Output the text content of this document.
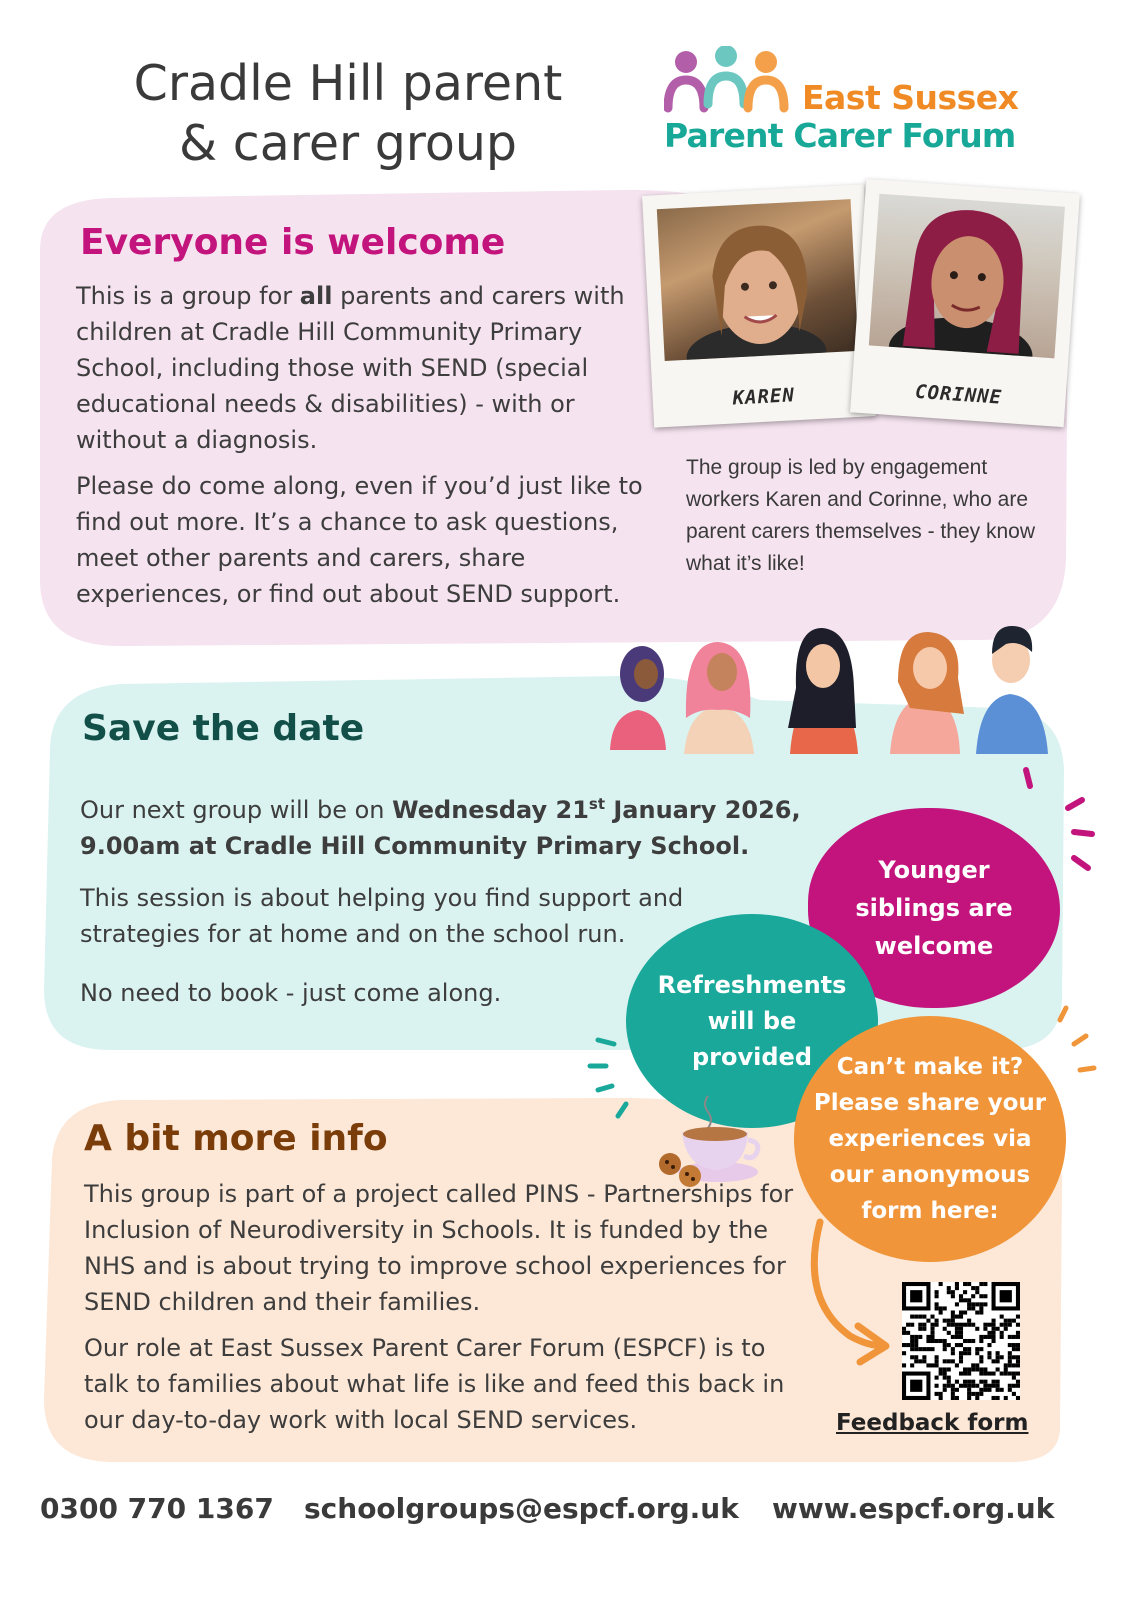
Cradle Hill parent
& carer group
East Sussex
Parent Carer Forum
Everyone is welcome

This is a group for all parents and carers with children at Cradle Hill Community Primary School, including those with SEND (special educational needs & disabilities) - with or without a diagnosis.

Please do come along, even if you’d just like to find out more. It’s a chance to ask questions, meet other parents and carers, share experiences, or find out about SEND support.

KAREN	CORINNE

The group is led by engagement workers Karen and Corinne, who are parent carers themselves - they know what it’s like!

Save the date

Our next group will be on Wednesday 21st January 2026, 9.00am at Cradle Hill Community Primary School.

This session is about helping you find support and strategies for at home and on the school run.

No need to book - just come along.

Younger siblings are welcome
Refreshments will be provided	Can’t make it? Please share your experiences via our anonymous form here:
A bit more info

This group is part of a project called PINS - Partnerships for Inclusion of Neurodiversity in Schools. It is funded by the NHS and is about trying to improve school experiences for SEND children and their families.

Our role at East Sussex Parent Carer Forum (ESPCF) is to talk to families about what life is like and feed this back in our day-to-day work with local SEND services.	Feedback form
0300 770 1367 schoolgroups@espcf.org.uk www.espcf.org.uk
